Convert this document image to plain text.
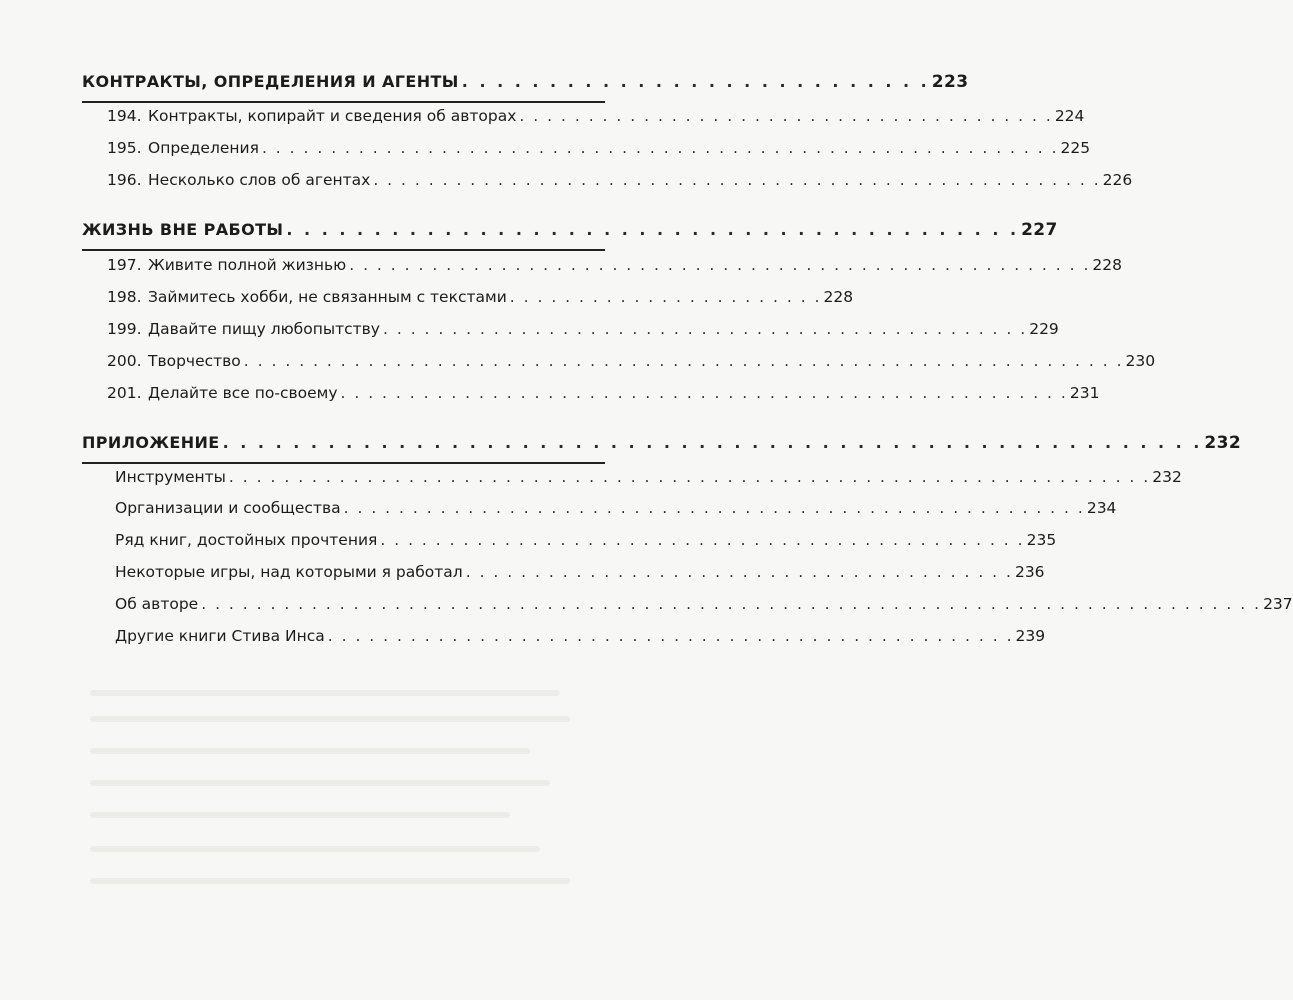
КОНТРАКТЫ, ОПРЕДЕЛЕНИЯ И АГЕНТЫ . . . . . . . . . . . . . . . . . . . . . . . . . . . 223
194. Контракты, копирайт и сведения об авторах . . . . . . . . . . . . . . . . . . . . . . . . . . . . . . . . . . . . . . . 224
195. Определения . . . . . . . . . . . . . . . . . . . . . . . . . . . . . . . . . . . . . . . . . . . . . . . . . . . . . . . . . . 225
196. Несколько слов об агентах . . . . . . . . . . . . . . . . . . . . . . . . . . . . . . . . . . . . . . . . . . . . . . . . . . . . . 226
ЖИЗНЬ ВНЕ РАБОТЫ . . . . . . . . . . . . . . . . . . . . . . . . . . . . . . . . . . . . . . . . . . 227
197. Живите полной жизнью . . . . . . . . . . . . . . . . . . . . . . . . . . . . . . . . . . . . . . . . . . . . . . . . . . . . . . 228
198. Займитесь хобби, не связанным с текстами . . . . . . . . . . . . . . . . . . . . . . . 228
199. Давайте пищу любопытству . . . . . . . . . . . . . . . . . . . . . . . . . . . . . . . . . . . . . . . . . . . . . . . 229
200. Творчество . . . . . . . . . . . . . . . . . . . . . . . . . . . . . . . . . . . . . . . . . . . . . . . . . . . . . . . . . . . . . . . . 230
201. Делайте все по-своему . . . . . . . . . . . . . . . . . . . . . . . . . . . . . . . . . . . . . . . . . . . . . . . . . . . . . 231
ПРИЛОЖЕНИЕ . . . . . . . . . . . . . . . . . . . . . . . . . . . . . . . . . . . . . . . . . . . . . . . . . . . . . . . . 232
Инструменты . . . . . . . . . . . . . . . . . . . . . . . . . . . . . . . . . . . . . . . . . . . . . . . . . . . . . . . . . . . . . . . . . . . 232
Организации и сообщества . . . . . . . . . . . . . . . . . . . . . . . . . . . . . . . . . . . . . . . . . . . . . . . . . . . . . . 234
Ряд книг, достойных прочтения . . . . . . . . . . . . . . . . . . . . . . . . . . . . . . . . . . . . . . . . . . . . . . . 235
Некоторые игры, над которыми я работал . . . . . . . . . . . . . . . . . . . . . . . . . . . . . . . . . . . . . . . . 236
Об авторе . . . . . . . . . . . . . . . . . . . . . . . . . . . . . . . . . . . . . . . . . . . . . . . . . . . . . . . . . . . . . . . . . . . . . . . . . . . . . 237
Другие книги Стива Инса . . . . . . . . . . . . . . . . . . . . . . . . . . . . . . . . . . . . . . . . . . . . . . . . . . 239
